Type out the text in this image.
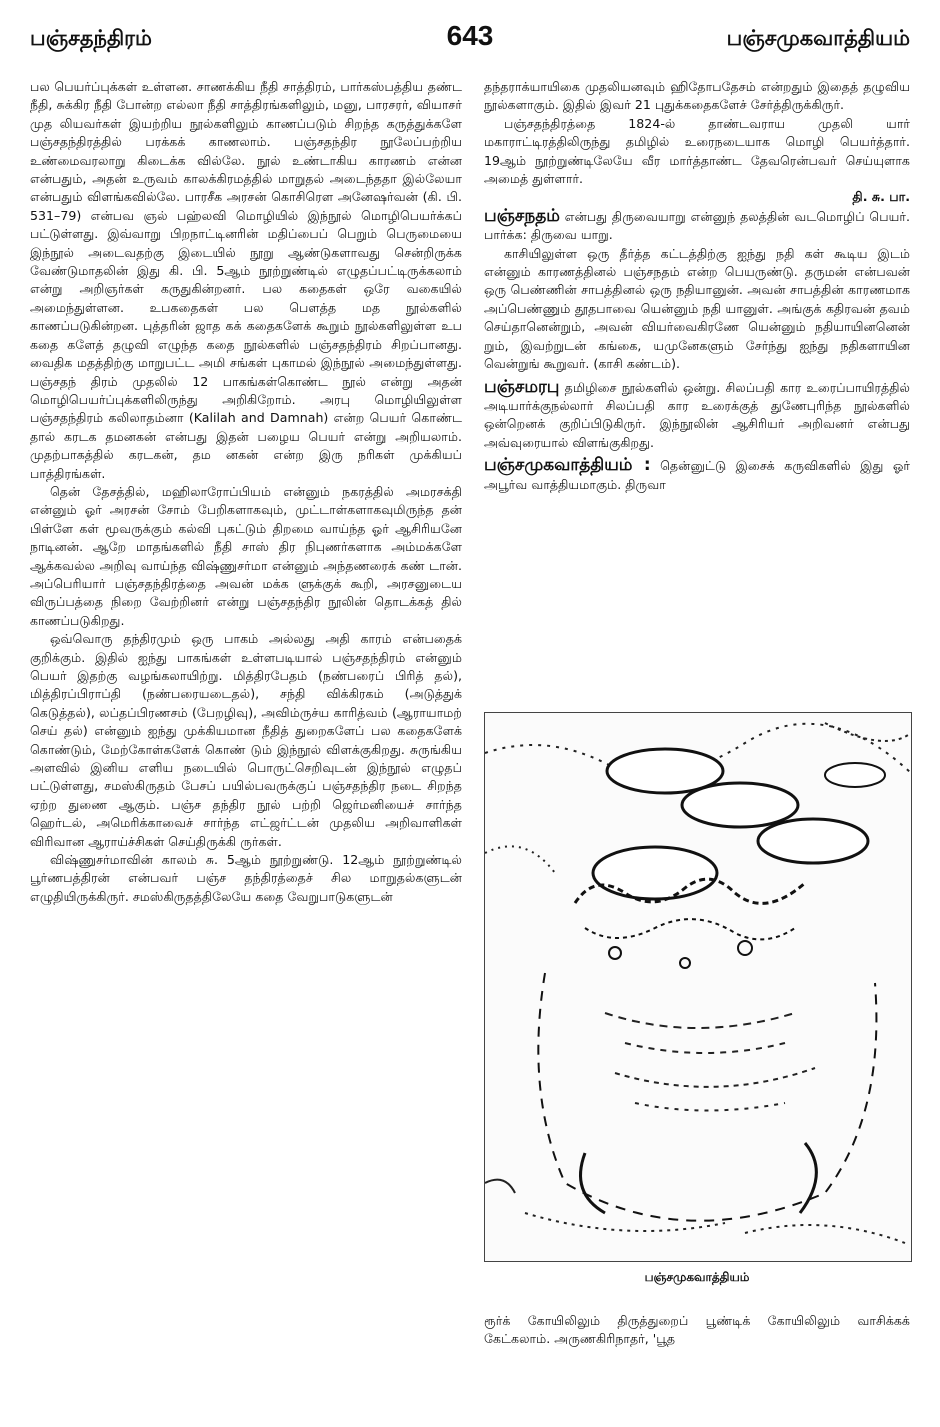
பஞ்சதந்திரம்	643	பஞ்சமுகவாத்தியம்

பல பெயர்ப்புக்கள் உள்ளன. சாணக்கிய நீதி சாத்திரம், பார்கஸ்பத்திய தண்ட நீதி, சுக்கிர நீதி போன்ற எல்லா நீதி சாத்திரங்களிலும், மனு, பாரசரர், வியாசர் முத லியவர்கள் இயற்றிய நூல்களிலும் காணப்படும் சிறந்த கருத்துக்களே பஞ்சதந்திரத்தில் பரக்கக் காணலாம். பஞ்சதந்திர நூலேப்பற்றிய உண்மைவரலாறு கிடைக்க வில்லே. நூல் உண்டாகிய காரணம் என்ன என்பதும், அதன் உருவம் காலக்கிரமத்தில் மாறுதல் அடைந்ததா இல்லேயா என்பதும் விளங்கவில்லே. பாரசீக அரசன் கொசிரௌ அனேஷர்வன் (கி. பி. 531–79) என்பவ ஞல் பஹ்லவி மொழியில் இந்நூல் மொழிபெயர்க்கப் பட்டுள்ளது. இவ்வாறு பிறநாட்டினரின் மதிப்பைப் பெறும் பெருமையை இந்நூல் அடைவதற்கு இடையில் நூறு ஆண்டுகளாவது சென்றிருக்க வேண்டுமாதலின் இது கி. பி. 5ஆம் நூற்றுண்டில் எழுதப்பட்டிருக்கலாம் என்று அறிஞர்கள் கருதுகின்றனர். பல கதைகள் ஒரே வகையில் அமைந்துள்ளன. உபகதைகள் பல பௌத்த மத நூல்களில் காணப்படுகின்றன. புத்தரின் ஜாத கக் கதைகளேக் கூறும் நூல்களிலுள்ள உப கதை களேத் தழுவி எழுந்த கதை நூல்களில் பஞ்சதந்திரம் சிறப்பானது. வைதிக மதத்திற்கு மாறுபட்ட அமி சங்கள் புகாமல் இந்நூல் அமைந்துள்ளது. பஞ்சதந் திரம் முதலில் 12 பாகங்கள்கொண்ட நூல் என்று அதன் மொழிபெயர்ப்புக்களிலிருந்து அறிகிறோம். அரபு மொழியிலுள்ள பஞ்சதந்திரம் கலிலாதம்னா (Kalilah and Damnah) என்ற பெயர் கொண்ட தால் கரடக தமனகன் என்பது இதன் பழைய பெயர் என்று அறியலாம். முதற்பாகத்தில் கரடகன், தம னகன் என்ற இரு நரிகள் முக்கியப் பாத்திரங்கள்.

தென் தேசத்தில், மஹிலாரோப்பியம் என்னும் நகரத்தில் அமரசக்தி என்னும் ஓர் அரசன் சோம் பேறிகளாகவும், முட்டாள்களாகவுமிருந்த தன் பிள்ளே கள் மூவருக்கும் கல்வி புகட்டும் திறமை வாய்ந்த ஓர் ஆசிரியனே நாடினன். ஆறே மாதங்களில் நீதி சாஸ் திர நிபுணர்களாக அம்மக்களே ஆக்கவல்ல அறிவு வாய்ந்த விஷ்ணுசர்மா என்னும் அந்தணரைக் கண் டான். அப்பெரியார் பஞ்சதந்திரத்தை அவன் மக்க ளுக்குக் கூறி, அரசனுடைய விருப்பத்தை நிறை வேற்றினர் என்று பஞ்சதந்திர நூலின் தொடக்கத் தில் காணப்படுகிறது.

ஒவ்வொரு தந்திரமும் ஒரு பாகம் அல்லது அதி காரம் என்பதைக் குறிக்கும். இதில் ஐந்து பாகங்கள் உள்ளபடியால் பஞ்சதந்திரம் என்னும் பெயர் இதற்கு வழங்கலாயிற்று. மித்திரபேதம் (நண்பரைப் பிரித் தல்), மித்திரப்பிராப்தி (நண்பரையடைதல்), சந்தி விக்கிரகம் (அடுத்துக் கெடுத்தல்), லப்தப்பிரணசம் (பேறழிவு), அவிம்ருச்ய காரித்வம் (ஆராயாமற் செய் தல்) என்னும் ஐந்து முக்கியமான நீதித் துறைகளேப் பல கதைகளேக் கொண்டும், மேற்கோள்களேக் கொண் டும் இந்நூல் விளக்குகிறது. சுருங்கிய அளவில் இனிய எளிய நடையில் பொருட்செறிவுடன் இந்நூல் எழுதப் பட்டுள்ளது, சமஸ்கிருதம் பேசப் பயில்பவருக்குப் பஞ்சதந்திர நடை சிறந்த ஏற்ற துணை ஆகும். பஞ்ச தந்திர நூல் பற்றி ஜெர்மனியைச் சார்ந்த ஹெர்டல், அமெரிக்காவைச் சார்ந்த எட்ஜர்ட்டன் முதலிய அறிவாளிகள் விரிவான ஆராய்ச்சிகள் செய்திருக்கி ருர்கள்.

விஷ்ணுசர்மாவின் காலம் சு. 5ஆம் நூற்றுண்டு. 12ஆம் நூற்றுண்டில் பூர்ணபத்திரன் என்பவர் பஞ்ச தந்திரத்தைச் சில மாறுதல்களுடன் எழுதியிருக்கிருர். சமஸ்கிருதத்திலேயே கதை வேறுபாடுகளுடன்

தந்தராக்யாயிகை முதலியனவும் ஹிதோபதேசம் என்றதும் இதைத் தழுவிய நூல்களாகும். இதில் இவர் 21 புதுக்கதைகளேச் சேர்த்திருக்கிருர்.

பஞ்சதந்திரத்தை 1824-ல் தாண்டவராய முதலி யார் மகாராட்டிரத்திலிருந்து தமிழில் உரைநடையாக மொழி பெயர்த்தார். 19ஆம் நூற்றுண்டிலேயே வீர மார்த்தாண்ட தேவரென்பவர் செய்யுளாக அமைத் துள்ளார்.

தி. சு. பா.

பஞ்சநதம் என்பது திருவையாறு என்னுந் தலத்தின் வடமொழிப் பெயர். பார்க்க: திருவை யாறு.

காசியிலுள்ள ஒரு தீர்த்த கட்டத்திற்கு ஐந்து நதி கள் கூடிய இடம் என்னும் காரணத்தினல் பஞ்சநதம் என்ற பெயருண்டு. தருமன் என்பவன் ஒரு பெண்ணின் சாபத்தினல் ஒரு நதியானுன். அவன் சாபத்தின் காரணமாக அப்பெண்ணும் தூதபாவை யென்னும் நதி யானுள். அங்குக் கதிரவன் தவம் செய்தானென்றும், அவன் வியர்வைகிரணே யென்னும் நதியாயினனென் றும், இவற்றுடன் கங்கை, யமுனேகளும் சேர்ந்து ஐந்து நதிகளாயின வென்றுங் கூறுவர். (காசி கண்டம்).

பஞ்சமரபு தமிழிசை நூல்களில் ஒன்று. சிலப்பதி கார உரைப்பாயிரத்தில் அடியார்க்குநல்லார் சிலப்பதி கார உரைக்குத் துணேபுரிந்த நூல்களில் ஒன்றெனக் குறிப்பிடுகிருர். இந்நூலின் ஆசிரியர் அறிவனர் என்பது அவ்வுரையால் விளங்குகிறது.

பஞ்சமுகவாத்தியம் : தென்னுட்டு இசைக் கருவிகளில் இது ஓர் அபூர்வ வாத்தியமாகும். திருவா

பஞ்சமுகவாத்தியம்
ரூர்க் கோயிலிலும் திருத்துறைப் பூண்டிக் கோயிலிலும் வாசிக்கக் கேட்கலாம். அருணகிரிநாதர், 'பூத
